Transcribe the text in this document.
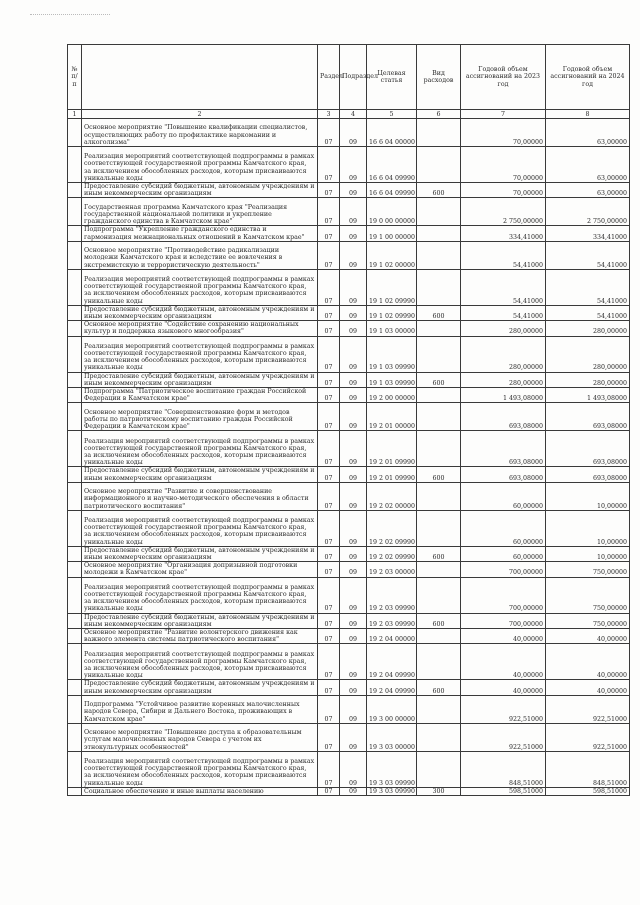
№ п/п		Раздел	Подраздел	Целевая статья	Вид расходов	Годовой объем ассигнований на 2023 год	Годовой объем ассигнований на 2024 год
1	2	3	4	5	6	7	8
	Основное мероприятие "Повышение квалификации специалистов, осуществляющих работу по профилактике наркомании и алкоголизма"	07	09	16 6 04 00000		70,00000	63,00000
	Реализация мероприятий соответствующей подпрограммы в рамках соответствующей государственной программы Камчатского края, за исключением обособленных расходов, которым присваиваются уникальные коды	07	09	16 6 04 09990		70,00000	63,00000
	Предоставление субсидий бюджетным, автономным учреждениям и иным некоммерческим организациям	07	09	16 6 04 09990	600	70,00000	63,00000
	Государственная программа Камчатского края "Реализация государственной национальной политики и укрепление гражданского единства в Камчатском крае"	07	09	19 0 00 00000		2 750,00000	2 750,00000
	Подпрограмма "Укрепление гражданского единства и гармонизация межнациональных отношений в Камчатском крае"	07	09	19 1 00 00000		334,41000	334,41000
	Основное мероприятие "Противодействие радикализации молодежи Камчатского края и вследствие ее вовлечения в экстремистскую и террористическую деятельность"	07	09	19 1 02 00000		54,41000	54,41000
	Реализация мероприятий соответствующей подпрограммы в рамках соответствующей государственной программы Камчатского края, за исключением обособленных расходов, которым присваиваются уникальные коды	07	09	19 1 02 09990		54,41000	54,41000
	Предоставление субсидий бюджетным, автономным учреждениям и иным некоммерческим организациям	07	09	19 1 02 09990	600	54,41000	54,41000
	Основное мероприятие "Содействие сохранению национальных культур и поддержка языкового многообразия"	07	09	19 1 03 00000		280,00000	280,00000
	Реализация мероприятий соответствующей подпрограммы в рамках соответствующей государственной программы Камчатского края, за исключением обособленных расходов, которым присваиваются уникальные коды	07	09	19 1 03 09990		280,00000	280,00000
	Предоставление субсидий бюджетным, автономным учреждениям и иным некоммерческим организациям	07	09	19 1 03 09990	600	280,00000	280,00000
	Подпрограмма "Патриотическое воспитание граждан Российской Федерации в Камчатском крае"	07	09	19 2 00 00000		1 493,08000	1 493,08000
	Основное мероприятие "Совершенствование форм и методов работы по патриотическому воспитанию граждан Российской Федерации в Камчатском крае"	07	09	19 2 01 00000		693,08000	693,08000
	Реализация мероприятий соответствующей подпрограммы в рамках соответствующей государственной программы Камчатского края, за исключением обособленных расходов, которым присваиваются уникальные коды	07	09	19 2 01 09990		693,08000	693,08000
	Предоставление субсидий бюджетным, автономным учреждениям и иным некоммерческим организациям	07	09	19 2 01 09990	600	693,08000	693,08000
	Основное мероприятие "Развитие и совершенствование информационного и научно-методического обеспечения в области патриотического воспитания"	07	09	19 2 02 00000		60,00000	10,00000
	Реализация мероприятий соответствующей подпрограммы в рамках соответствующей государственной программы Камчатского края, за исключением обособленных расходов, которым присваиваются уникальные коды	07	09	19 2 02 09990		60,00000	10,00000
	Предоставление субсидий бюджетным, автономным учреждениям и иным некоммерческим организациям	07	09	19 2 02 09990	600	60,00000	10,00000
	Основное мероприятие "Организация допризывной подготовки молодежи в Камчатском крае"	07	09	19 2 03 00000		700,00000	750,00000
	Реализация мероприятий соответствующей подпрограммы в рамках соответствующей государственной программы Камчатского края, за исключением обособленных расходов, которым присваиваются уникальные коды	07	09	19 2 03 09990		700,00000	750,00000
	Предоставление субсидий бюджетным, автономным учреждениям и иным некоммерческим организациям	07	09	19 2 03 09990	600	700,00000	750,00000
	Основное мероприятие "Развитие волонтерского движения как важного элемента системы патриотического воспитания"	07	09	19 2 04 00000		40,00000	40,00000
	Реализация мероприятий соответствующей подпрограммы в рамках соответствующей государственной программы Камчатского края, за исключением обособленных расходов, которым присваиваются уникальные коды	07	09	19 2 04 09990		40,00000	40,00000
	Предоставление субсидий бюджетным, автономным учреждениям и иным некоммерческим организациям	07	09	19 2 04 09990	600	40,00000	40,00000
	Подпрограмма "Устойчивое развитие коренных малочисленных народов Севера, Сибири и Дальнего Востока, проживающих в Камчатском крае"	07	09	19 3 00 00000		922,51000	922,51000
	Основное мероприятие "Повышение доступа к образовательным услугам малочисленных народов Севера с учетом их этнокультурных особенностей"	07	09	19 3 03 00000		922,51000	922,51000
	Реализация мероприятий соответствующей подпрограммы в рамках соответствующей государственной программы Камчатского края, за исключением обособленных расходов, которым присваиваются уникальные коды	07	09	19 3 03 09990		848,51000	848,51000
	Социальное обеспечение и иные выплаты населению	07	09	19 3 03 09990	300	598,51000	598,51000
